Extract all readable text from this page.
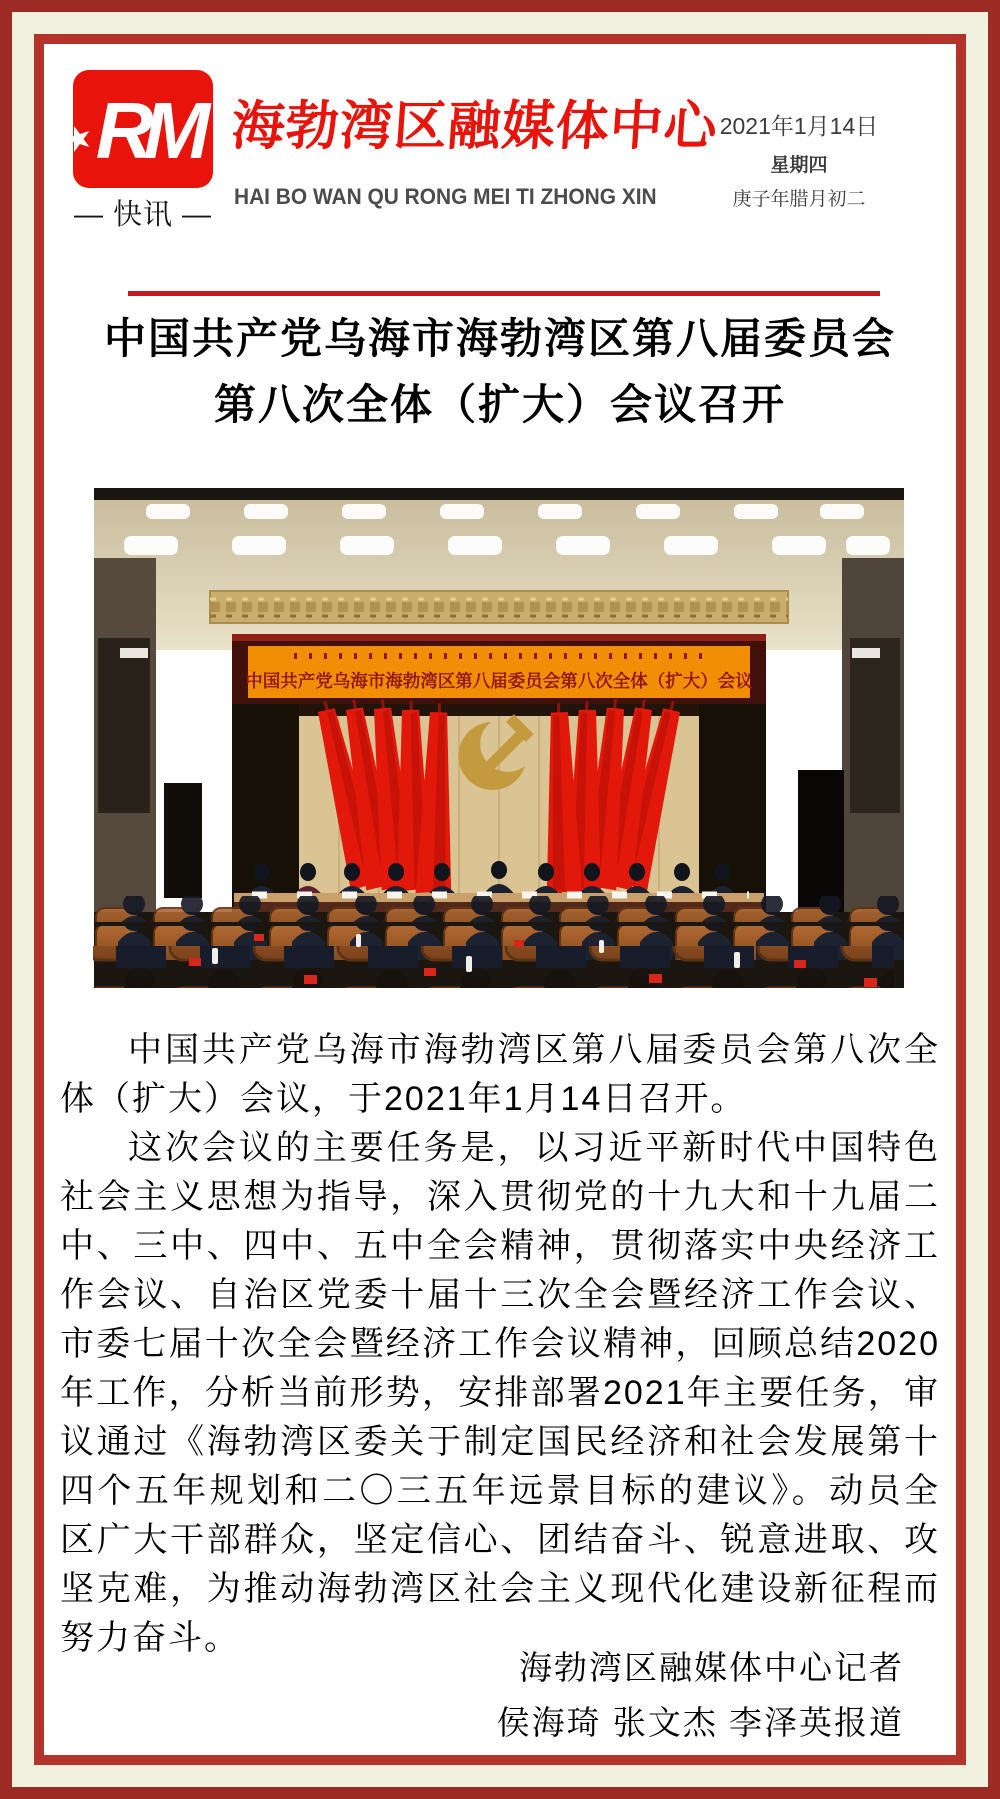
RM
★
— 快讯 —
海勃湾区融媒体中心
HAI BO WAN QU RONG MEI TI ZHONG XIN
2021年1月14日
星期四
庚子年腊月初二
中国共产党乌海市海勃湾区第八届委员会
第八次全体（扩大）会议召开
中国共产党乌海市海勃湾区第八届委员会第八次全体（扩大）会议

中国共产党乌海市海勃湾区第八届委员会第八次全体（扩大）会议，于2021年1月14日召开。

这次会议的主要任务是，以习近平新时代中国特色社会主义思想为指导，深入贯彻党的十九大和十九届二中、三中、四中、五中全会精神，贯彻落实中央经济工作会议、自治区党委十届十三次全会暨经济工作会议、市委七届十次全会暨经济工作会议精神，回顾总结2020年工作，分析当前形势，安排部署2021年主要任务，审议通过《海勃湾区委关于制定国民经济和社会发展第十四个五年规划和二〇三五年远景目标的建议》。动员全区广大干部群众，坚定信心、团结奋斗、锐意进取、攻坚克难，为推动海勃湾区社会主义现代化建设新征程而努力奋斗。

海勃湾区融媒体中心记者
侯海琦 张文杰 李泽英报道
